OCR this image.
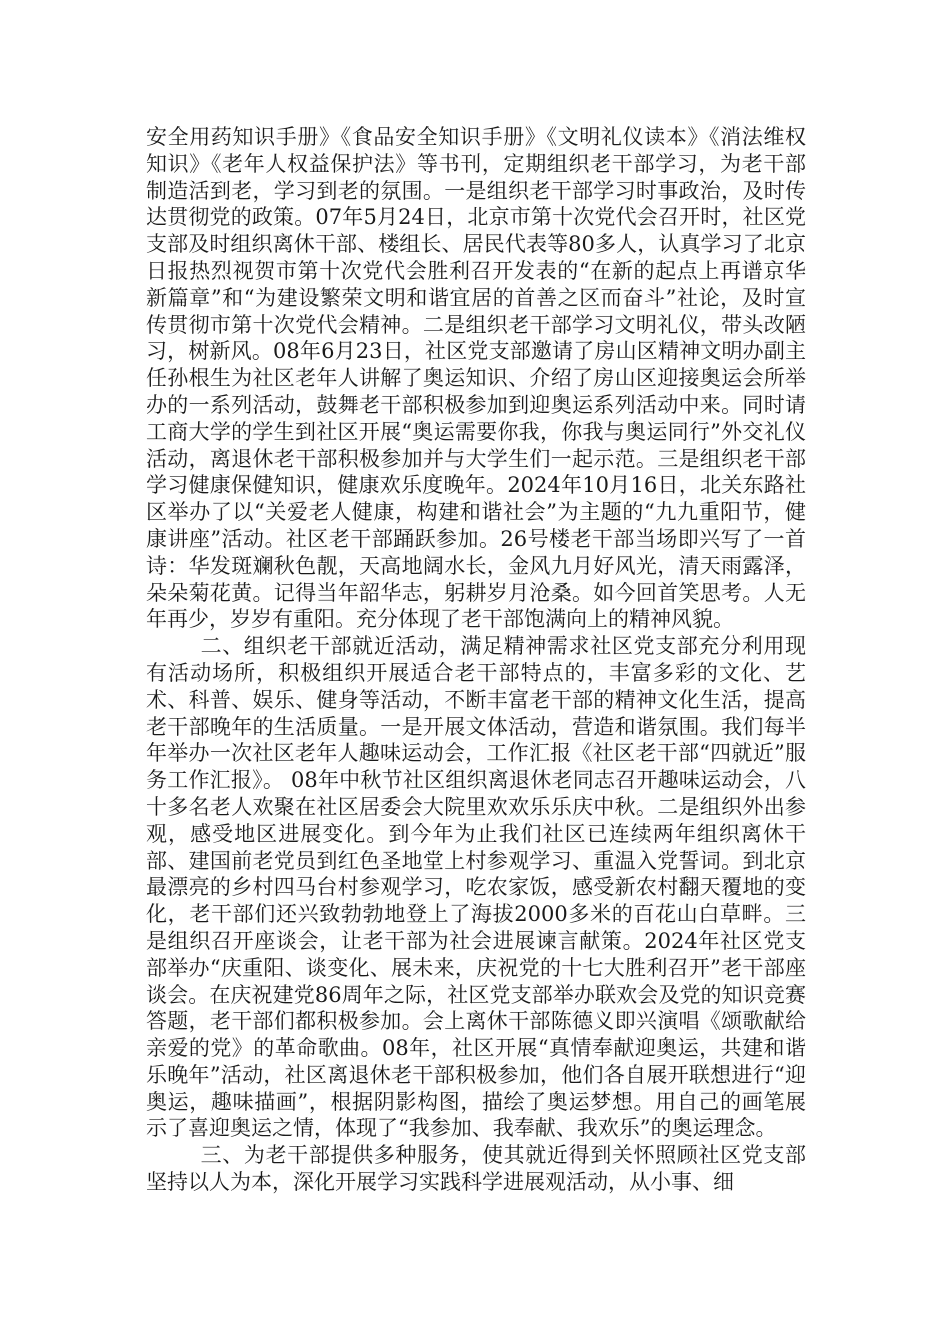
安全用药知识手册》《食品安全知识手册》《文明礼仪读本》《消法维权知识》《老年人权益保护法》等书刊，定期组织老干部学习，为老干部制造活到老，学习到老的氛围。一是组织老干部学习时事政治，及时传达贯彻党的政策。07年5月24日，北京市第十次党代会召开时，社区党支部及时组织离休干部、楼组长、居民代表等80多人，认真学习了北京日报热烈视贺市第十次党代会胜利召开发表的“在新的起点上再谱京华新篇章”和“为建设繁荣文明和谐宜居的首善之区而奋斗”社论，及时宣传贯彻市第十次党代会精神。二是组织老干部学习文明礼仪，带头改陋习，树新风。08年6月23日，社区党支部邀请了房山区精神文明办副主任孙根生为社区老年人讲解了奥运知识、介绍了房山区迎接奥运会所举办的一系列活动，鼓舞老干部积极参加到迎奥运系列活动中来。同时请工商大学的学生到社区开展“奥运需要你我，你我与奥运同行”外交礼仪活动，离退休老干部积极参加并与大学生们一起示范。三是组织老干部学习健康保健知识，健康欢乐度晚年。2024年10月16日，北关东路社区举办了以“关爱老人健康，构建和谐社会”为主题的“九九重阳节，健康讲座”活动。社区老干部踊跃参加。26号楼老干部当场即兴写了一首诗：华发斑斓秋色靓，天高地阔水长，金风九月好风光，清天雨露泽，朵朵菊花黄。记得当年韶华志，躬耕岁月沧桑。如今回首笑思考。人无年再少，岁岁有重阳。充分体现了老干部饱满向上的精神风貌。

二、组织老干部就近活动，满足精神需求社区党支部充分利用现有活动场所，积极组织开展适合老干部特点的，丰富多彩的文化、艺术、科普、娱乐、健身等活动，不断丰富老干部的精神文化生活，提高老干部晚年的生活质量。一是开展文体活动，营造和谐氛围。我们每半年举办一次社区老年人趣味运动会，工作汇报《社区老干部“四就近”服务工作汇报》。 08年中秋节社区组织离退休老同志召开趣味运动会，八十多名老人欢聚在社区居委会大院里欢欢乐乐庆中秋。二是组织外出参观，感受地区进展变化。到今年为止我们社区已连续两年组织离休干部、建国前老党员到红色圣地堂上村参观学习、重温入党誓词。到北京最漂亮的乡村四马台村参观学习，吃农家饭，感受新农村翻天覆地的变化，老干部们还兴致勃勃地登上了海拔2000多米的百花山白草畔。三是组织召开座谈会，让老干部为社会进展谏言献策。2024年社区党支部举办“庆重阳、谈变化、展未来，庆祝党的十七大胜利召开”老干部座谈会。在庆祝建党86周年之际，社区党支部举办联欢会及党的知识竞赛答题，老干部们都积极参加。会上离休干部陈德义即兴演唱《颂歌献给亲爱的党》的革命歌曲。08年，社区开展“真情奉献迎奥运，共建和谐乐晚年”活动，社区离退休老干部积极参加，他们各自展开联想进行“迎奥运，趣味描画”，根据阴影构图，描绘了奥运梦想。用自己的画笔展示了喜迎奥运之情，体现了“我参加、我奉献、我欢乐”的奥运理念。

三、为老干部提供多种服务，使其就近得到关怀照顾社区党支部坚持以人为本，深化开展学习实践科学进展观活动，从小事、细
